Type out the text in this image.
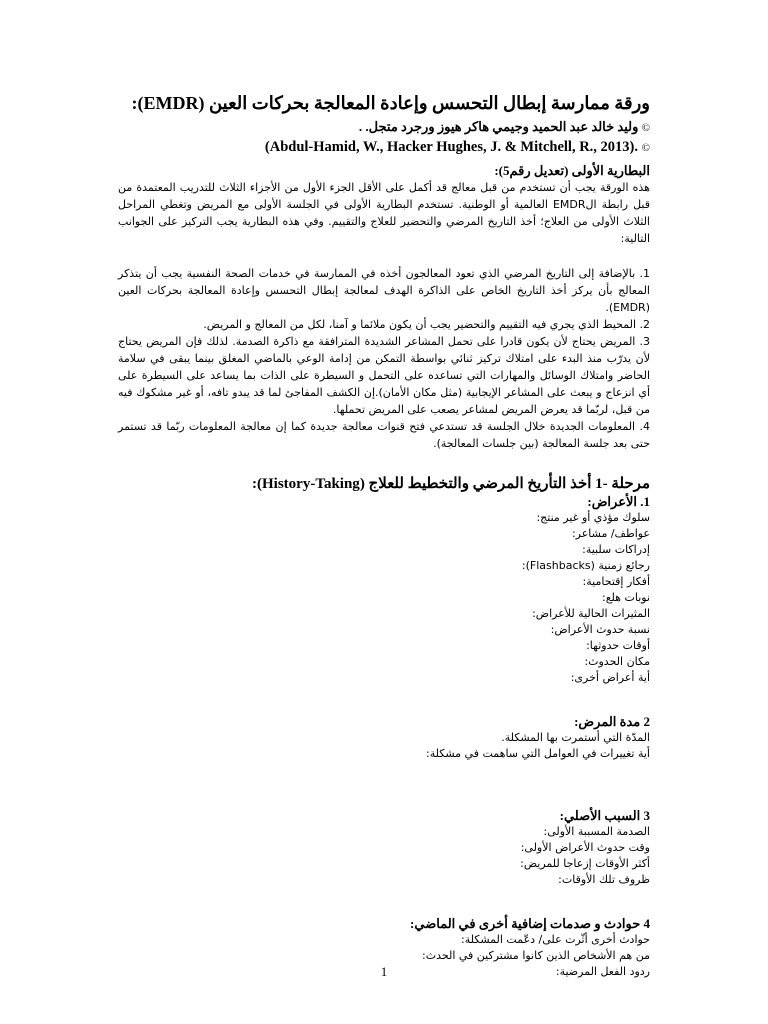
ورقة ممارسة إبطال التحسس وإعادة المعالجة بحركات العين (EMDR):

© وليد خالد عبد الحميد وجيمي هاكر هيوز ورجرد متجل. .

© (Abdul-Hamid, W., Hacker Hughes, J. & Mitchell, R., 2013).

البطارية الأولى (تعديل رقم5):

هذه الورقة يجب أن تستخدم من قبل معالج قد أكمل على الأقل الجزء الأول من الأجزاء الثلاث للتدريب المعتمدة من قبل رابطة الEMDR العالمية أو الوطنية. تستخدم البطارية الأولى في الجلسة الأولى مع المريض وتغطي المراحل الثلاث الأولى من العلاج؛ أخذ التاريخ المرضي والتحضير للعلاج والتقييم. وفي هذه البطارية يجب التركيز على الجوانب التالية:

1. بالإضافة إلى التاريخ المرضي الذي تعود المعالجون أخذه في الممارسة في خدمات الصحة النفسية يجب أن يتذكر المعالج بأن يركز أخذ التاريخ الخاص على الذاكرة الهدف لمعالجة إبطال التحسس وإعادة المعالجة بحركات العين (EMDR).

2. المحيط الذي يجري فيه التقييم والتحضير يجب أن يكون ملائما و آمنا، لكل من المعالج و المريض.

3. المريض يحتاج لأن يكون قادرا على تحمل المشاعر الشديدة المترافقة مع ذاكرة الصدمة. لذلك فإن المريض يحتاج لأن يدرّب منذ البدء على امتلاك تركيز ثنائي بواسطة التمكن من إدامة الوعي بالماضي المغلق بينما يبقى في سلامة الحاضر وامتلاك الوسائل والمهارات التي تساعده على التحمل و السيطرة على الذات بما يساعد على السيطرة على أي انزعاج و يبعث على المشاعر الإيجابية (مثل مكان الأمان).إن الكشف المفاجئ لما قد يبدو تافه، أو غير مشكوك فيه من قبل، لربّما قد يعرض المريض لمشاعر يصعب على المريض تحملها.

4. المعلومات الجديدة خلال الجلسة قد تستدعي فتح قنوات معالجة جديدة كما إن معالجة المعلومات ربّما قد تستمر حتى بعد جلسة المعالجة (بين جلسات المعالجة).

مرحلة -1 أخذ التأريخ المرضي والتخطيط للعلاج (History-Taking):
1. الأعراض:
سلوك مؤذي أو غير منتج:
عواطف/ مشاعر:
إدراكات سلبية:
رجائع زمنية (Flashbacks):
أفكار إقتحامية:
نوبات هلع:
المثيرات الحالية للأعراض:
نسبة حدوث الأعراض:
أوقات حدوثها:
مكان الحدوث:
أية أعراض أخرى:
2 مدة المرض:
المدّة التي أستمرت بها المشكلة.
أية تغييرات في العوامل التي ساهمت في مشكلة:
3 السبب الأصلي:
الصدمة المسببة الأولى:
وقت حدوث الأعراض الأولى:
أكثر الأوقات إزعاجا للمريض:
ظروف تلك الأوقات:
4 حوادث و صدمات إضافية أخرى في الماضي:
حوادث أخرى أثّرت على/ دعّمت المشكلة:
من هم الأشخاص الذين كانوا مشتركين في الحدث:
ردود الفعل المرضية:
1
